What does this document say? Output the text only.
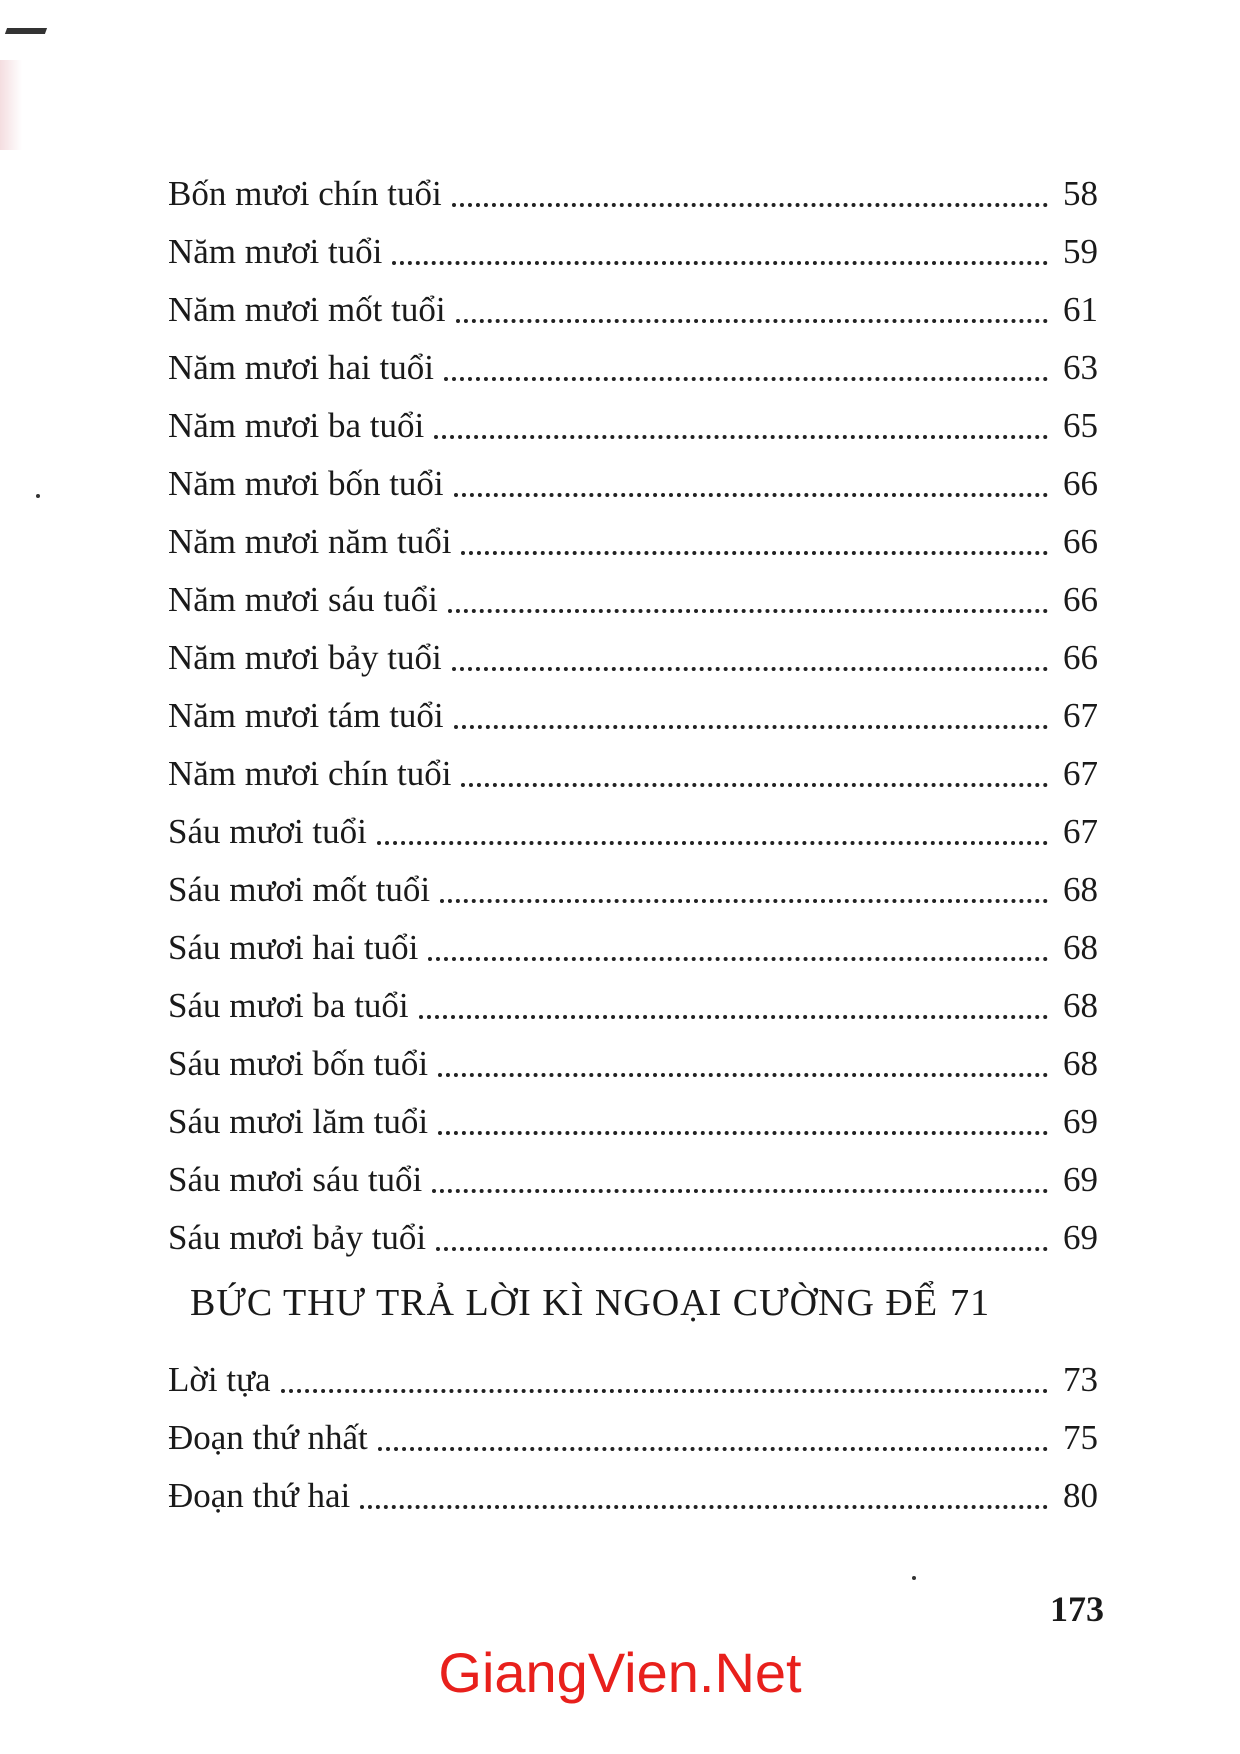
Bốn mươi chín tuổi	58
Năm mươi tuổi	59
Năm mươi mốt tuổi	61
Năm mươi hai tuổi	63
Năm mươi ba tuổi	65
Năm mươi bốn tuổi	66
Năm mươi năm tuổi	66
Năm mươi sáu tuổi	66
Năm mươi bảy tuổi	66
Năm mươi tám tuổi	67
Năm mươi chín tuổi	67
Sáu mươi tuổi	67
Sáu mươi mốt tuổi	68
Sáu mươi hai tuổi	68
Sáu mươi ba tuổi	68
Sáu mươi bốn tuổi	68
Sáu mươi lăm tuổi	69
Sáu mươi sáu tuổi	69
Sáu mươi bảy tuổi	69
BỨC THƯ TRẢ LỜI KÌ NGOẠI CƯỜNG ĐỂ 71
Lời tựa	73
Đoạn thứ nhất	75
Đoạn thứ hai	80
173
GiangVien.Net
